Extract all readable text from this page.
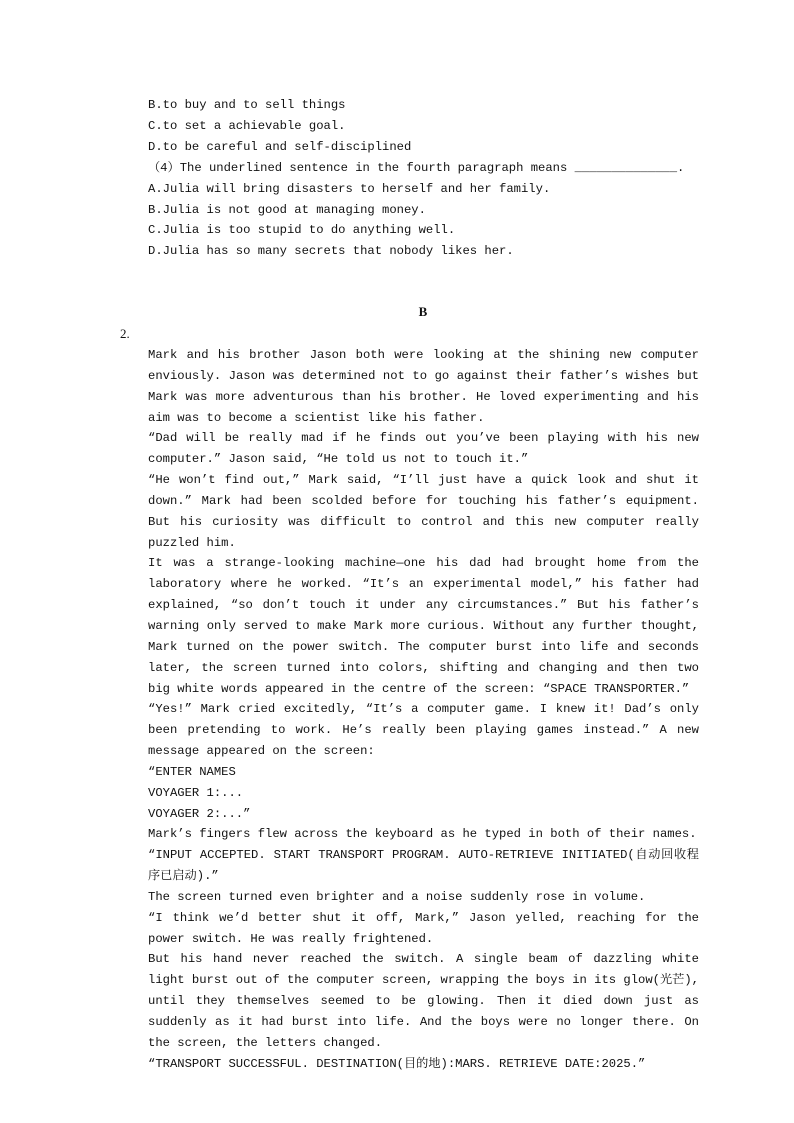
B.to buy and to sell things
C.to set a achievable goal.
D.to be careful and self-disciplined
（4）The underlined sentence in the fourth paragraph means ______________.
A.Julia will bring disasters to herself and her family.
B.Julia is not good at managing money.
C.Julia is too stupid to do anything well.
D.Julia has so many secrets that nobody likes her.
B
2.

Mark and his brother Jason both were looking at the shining new computer enviously. Jason was determined not to go against their father’s wishes but Mark was more adventurous than his brother. He loved experimenting and his aim was to become a scientist like his father.

“Dad will be really mad if he finds out you’ve been playing with his new computer.” Jason said, “He told us not to touch it.”

“He won’t find out,” Mark said, “I’ll just have a quick look and shut it down.” Mark had been scolded before for touching his father’s equipment. But his curiosity was difficult to control and this new computer really puzzled him.

It was a strange-looking machine—one his dad had brought home from the laboratory where he worked. “It’s an experimental model,” his father had explained, “so don’t touch it under any circumstances.” But his father’s warning only served to make Mark more curious. Without any further thought, Mark turned on the power switch. The computer burst into life and seconds later, the screen turned into colors, shifting and changing and then two big white words appeared in the centre of the screen: “SPACE TRANSPORTER.”

“Yes!” Mark cried excitedly, “It’s a computer game. I knew it! Dad’s only been pretending to work. He’s really been playing games instead.” A new message appeared on the screen:

“ENTER NAMES

VOYAGER 1:...

VOYAGER 2:...”

Mark’s fingers flew across the keyboard as he typed in both of their names.

“INPUT ACCEPTED. START TRANSPORT PROGRAM. AUTO-RETRIEVE INITIATED(自动回收程序已启动).”

The screen turned even brighter and a noise suddenly rose in volume.

“I think we’d better shut it off, Mark,” Jason yelled, reaching for the power switch. He was really frightened.

But his hand never reached the switch. A single beam of dazzling white light burst out of the computer screen, wrapping the boys in its glow(光芒), until they themselves seemed to be glowing. Then it died down just as suddenly as it had burst into life. And the boys were no longer there. On the screen, the letters changed.

“TRANSPORT SUCCESSFUL. DESTINATION(目的地):MARS. RETRIEVE DATE:2025.”
